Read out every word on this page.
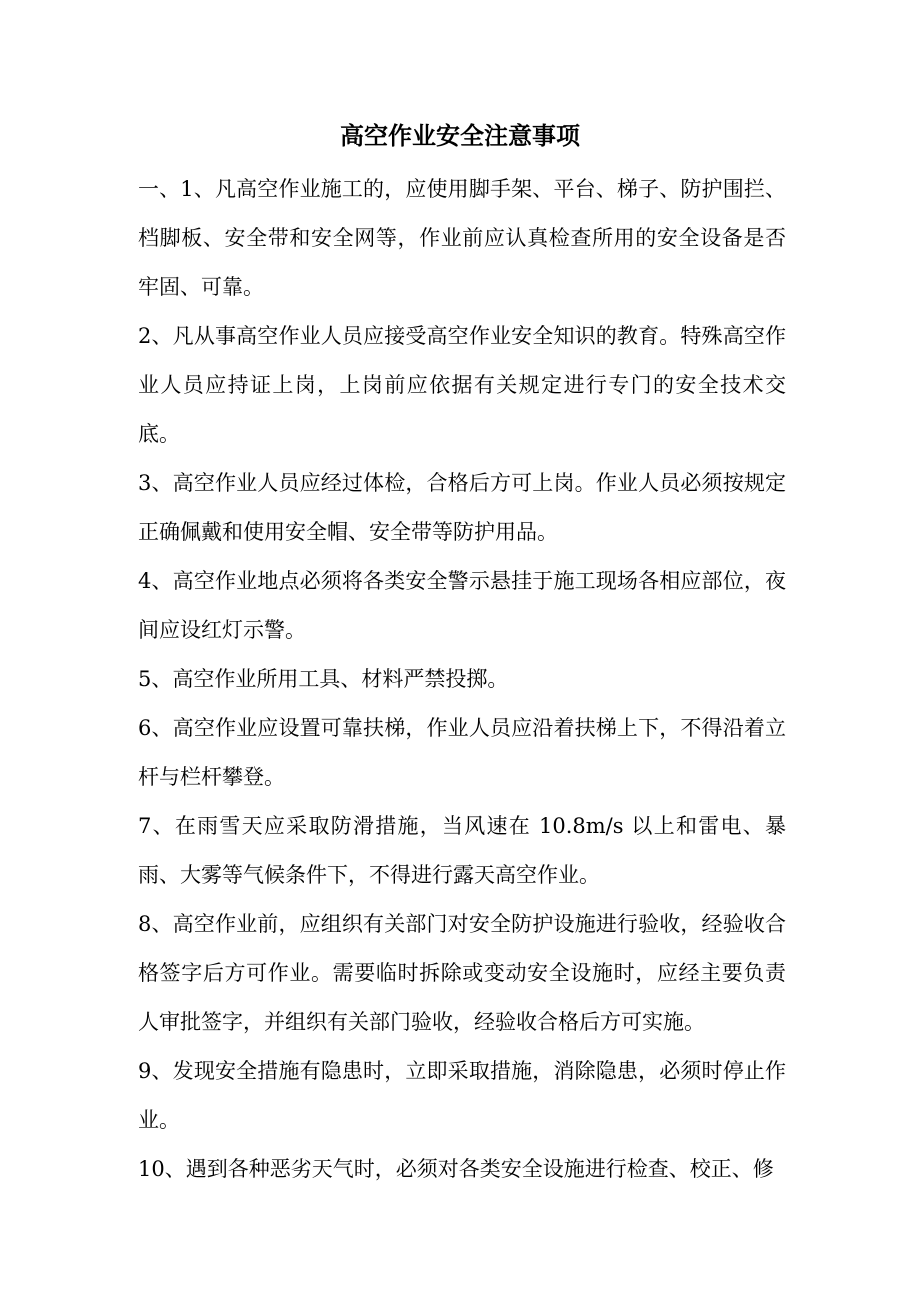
高空作业安全注意事项

一、1、凡高空作业施工的，应使用脚手架、平台、梯子、防护围拦、档脚板、安全带和安全网等，作业前应认真检查所用的安全设备是否牢固、可靠。

2、凡从事高空作业人员应接受高空作业安全知识的教育。特殊高空作业人员应持证上岗，上岗前应依据有关规定进行专门的安全技术交底。

3、高空作业人员应经过体检，合格后方可上岗。作业人员必须按规定正确佩戴和使用安全帽、安全带等防护用品。

4、高空作业地点必须将各类安全警示悬挂于施工现场各相应部位，夜间应设红灯示警。

5、高空作业所用工具、材料严禁投掷。

6、高空作业应设置可靠扶梯，作业人员应沿着扶梯上下，不得沿着立杆与栏杆攀登。

7、在雨雪天应采取防滑措施，当风速在 10.8m/s 以上和雷电、暴雨、大雾等气候条件下，不得进行露天高空作业。

8、高空作业前，应组织有关部门对安全防护设施进行验收，经验收合格签字后方可作业。需要临时拆除或变动安全设施时，应经主要负责人审批签字，并组织有关部门验收，经验收合格后方可实施。

9、发现安全措施有隐患时，立即采取措施，消除隐患，必须时停止作业。

10、遇到各种恶劣天气时，必须对各类安全设施进行检查、校正、修
